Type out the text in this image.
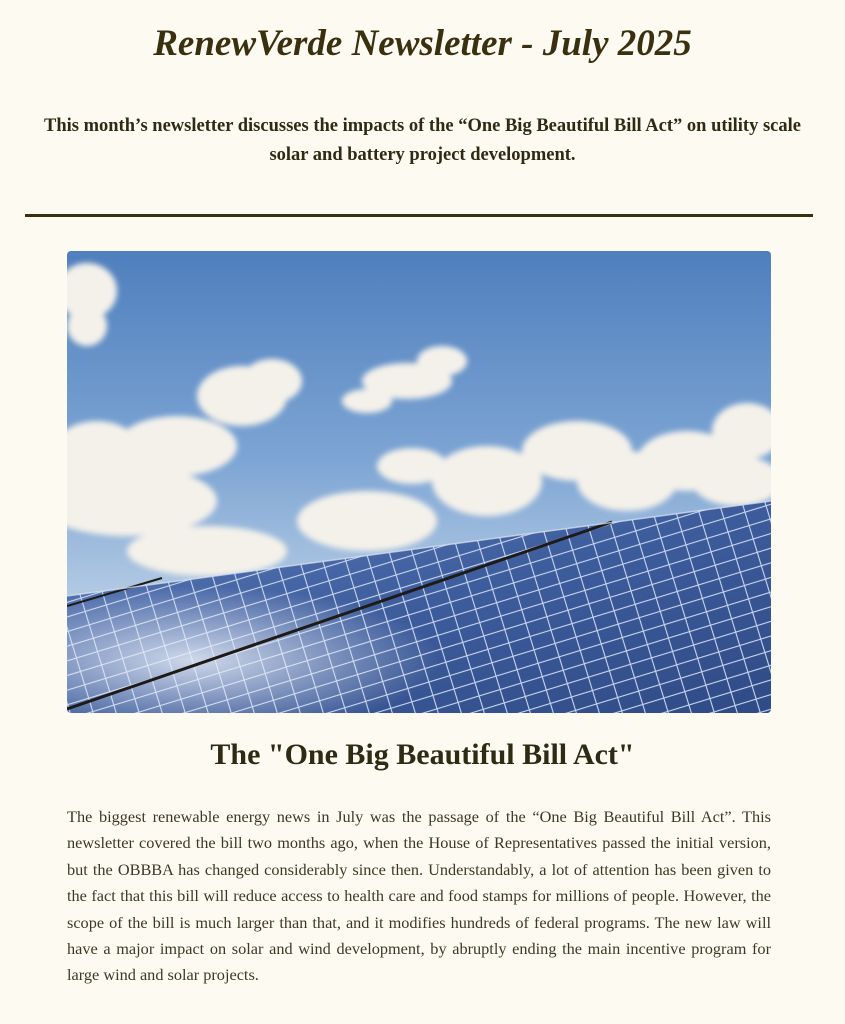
RenewVerde Newsletter - July 2025

This month’s newsletter discusses the impacts of the “One Big Beautiful Bill Act” on utility scale solar and battery project development.

The "One Big Beautiful Bill Act"

The biggest renewable energy news in July was the passage of the “One Big Beautiful Bill Act”. This newsletter covered the bill two months ago, when the House of Representatives passed the initial version, but the OBBBA has changed considerably since then. Understandably, a lot of attention has been given to the fact that this bill will reduce access to health care and food stamps for millions of people. However, the scope of the bill is much larger than that, and it modifies hundreds of federal programs. The new law will have a major impact on solar and wind development, by abruptly ending the main incentive program for large wind and solar projects.
